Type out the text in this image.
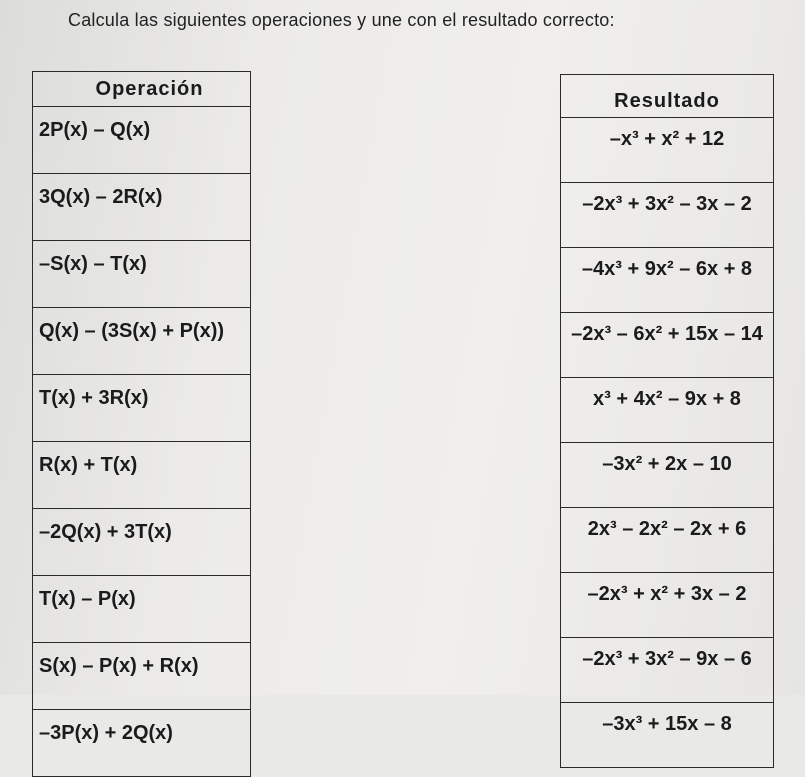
Calcula las siguientes operaciones y une con el resultado correcto:
Operación
2P(x) – Q(x)
3Q(x) – 2R(x)
–S(x) – T(x)
Q(x) – (3S(x) + P(x))
T(x) + 3R(x)
R(x) + T(x)
–2Q(x) + 3T(x)
T(x) – P(x)
S(x) – P(x) + R(x)
–3P(x) + 2Q(x)
Resultado
–x³ + x² + 12
–2x³ + 3x² – 3x – 2
–4x³ + 9x² – 6x + 8
–2x³ – 6x² + 15x – 14
x³ + 4x² – 9x + 8
–3x² + 2x – 10
2x³ – 2x² – 2x + 6
–2x³ + x² + 3x – 2
–2x³ + 3x² – 9x – 6
–3x³ + 15x – 8
